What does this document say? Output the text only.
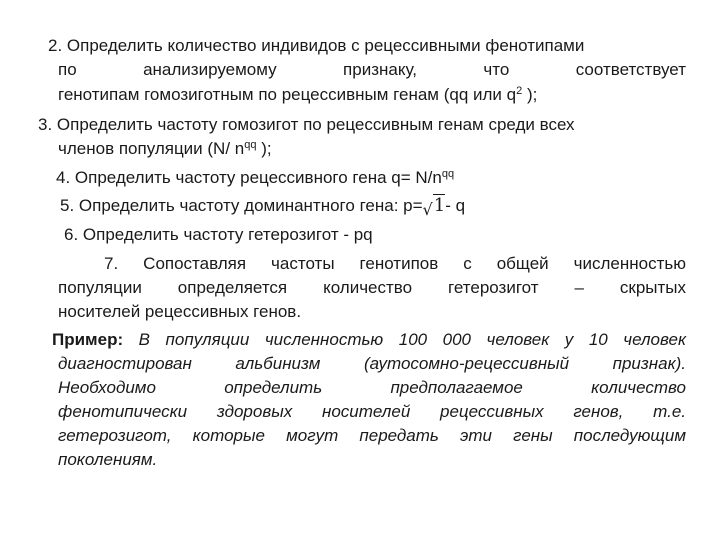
2. Определить количество индивидов с рецессивными фенотипами
по анализируемому признаку, что соответствует
генотипам гомозиготным по рецессивным генам (qq или $q^2$ );
3. Определить частоту гомозигот по рецессивным генам среди всех
членов популяции (N/ $n^{qq}$ );
4. Определить частоту рецессивного гена $q= N/n^{qq}$
5. Определить частоту доминантного гена: p=√1- q
6. Определить частоту гетерозигот - pq
7. Сопоставляя частоты генотипов с общей численностью
популяции определяется количество гетерозигот – скрытых
носителей рецессивных генов.
Пример: В популяции численностью 100 000 человек у 10 человек
диагностирован альбинизм (аутосомно-рецессивный признак).
Необходимо определить предполагаемое количество
фенотипически здоровых носителей рецессивных генов, т.е.
гетерозигот, которые могут передать эти гены последующим
поколениям.
